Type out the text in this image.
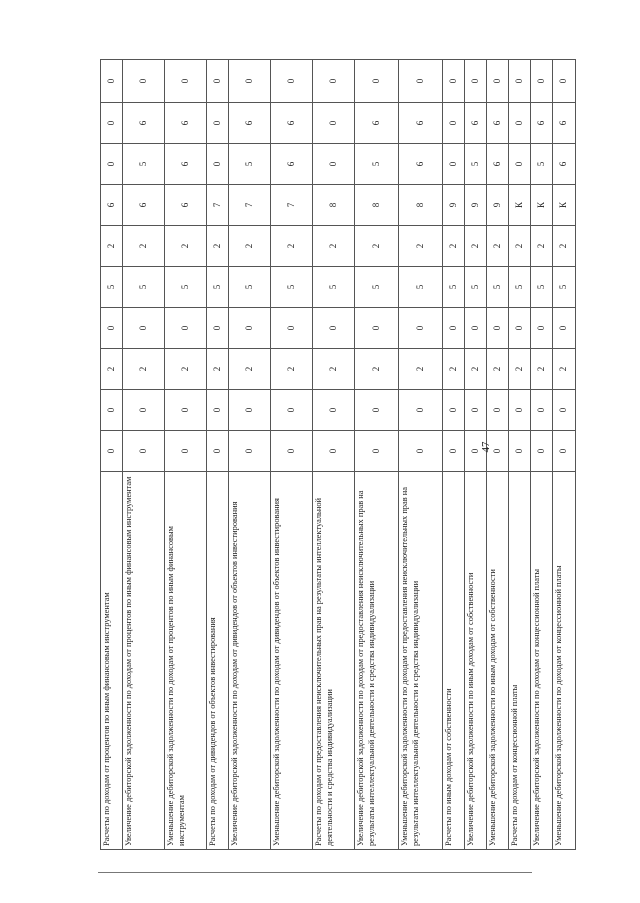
Расчеты по доходам от процентов по иным финансовым инструментам	0	0	2	0	5	2	6	0	0	0
Увеличение дебиторской задолженности по доходам от процентов по иным финансовым инструментам	0	0	2	0	5	2	6	5	6	0
Уменьшение дебиторской задолженности по доходам от процентов по иным финансовым инструментам	0	0	2	0	5	2	6	6	6	0
Расчеты по доходам от дивидендов от объектов инвестирования	0	0	2	0	5	2	7	0	0	0
Увеличение дебиторской задолженности по доходам от дивидендов от объектов инвестирования	0	0	2	0	5	2	7	5	6	0
Уменьшение дебиторской задолженности по доходам от дивидендов от объектов инвестирования	0	0	2	0	5	2	7	6	6	0
Расчеты по доходам от предоставления неисключительных прав на результаты интеллектуальной деятельности и средства индивидуализации	0	0	2	0	5	2	8	0	0	0
Увеличение дебиторской задолженности по доходам от предоставления неисключительных прав на результаты интеллектуальной деятельности и средства индивидуализации	0	0	2	0	5	2	8	5	6	0
Уменьшение дебиторской задолженности по доходам от предоставления неисключительных прав на результаты интеллектуальной деятельности и средства индивидуализации	0	0	2	0	5	2	8	6	6	0
Расчеты по иным доходам от собственности	0	0	2	0	5	2	9	0	0	0
Увеличение дебиторской задолженности по иным доходам от собственности	0	0	2	0	5	2	9	5	6	0
Уменьшение дебиторской задолженности по иным доходам от собственности	0	0	2	0	5	2	9	6	6	0
Расчеты по доходам от концессионной платы	0	0	2	0	5	2	К	0	0	0
Увеличение дебиторской задолженности по доходам от концессионной платы	0	0	2	0	5	2	К	5	6	0
Уменьшение дебиторской задолженности по доходам от концессионной платы	0	0	2	0	5	2	К	6	6	0
47
